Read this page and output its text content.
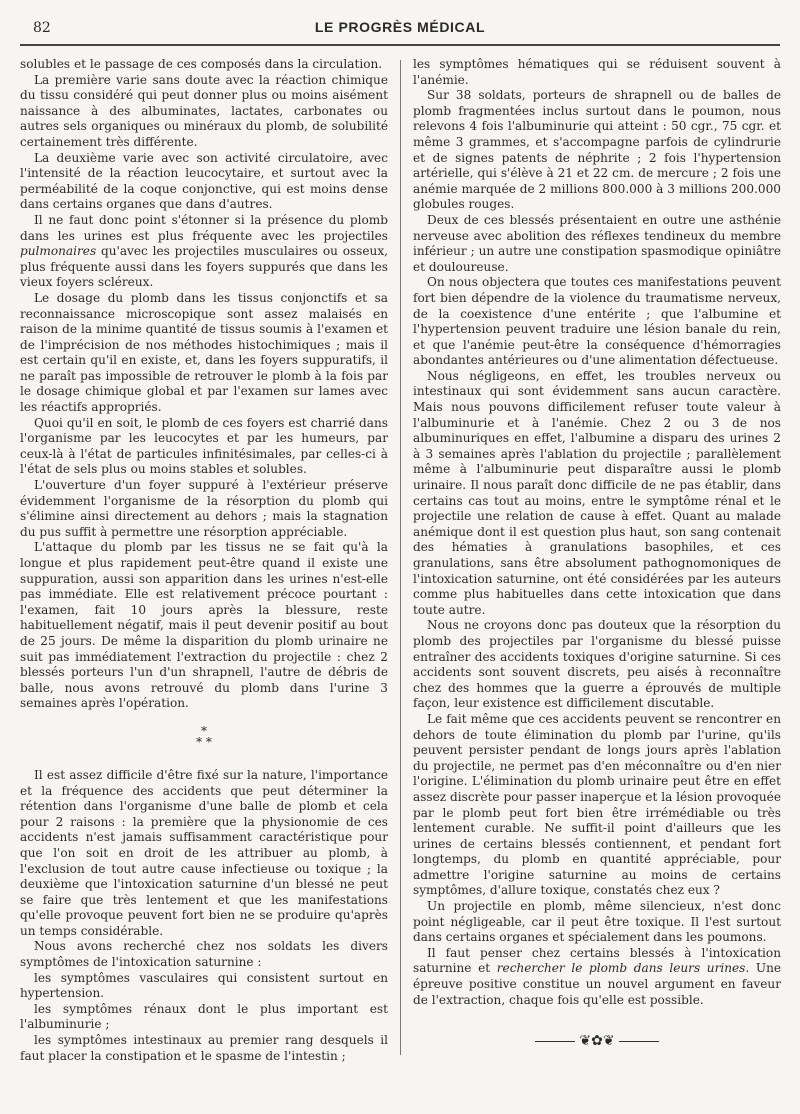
82	LE PROGRÈS MÉDICAL

solubles et le passage de ces composés dans la circulation.

La première varie sans doute avec la réaction chimique du tissu considéré qui peut donner plus ou moins aisément naissance à des albuminates, lactates, carbonates ou autres sels organiques ou minéraux du plomb, de solubilité certainement très différente.

La deuxième varie avec son activité circulatoire, avec l'intensité de la réaction leucocytaire, et surtout avec la perméabilité de la coque conjonctive, qui est moins dense dans certains organes que dans d'autres.

Il ne faut donc point s'étonner si la présence du plomb dans les urines est plus fréquente avec les projectiles pulmonaires qu'avec les projectiles musculaires ou osseux, plus fréquente aussi dans les foyers suppurés que dans les vieux foyers scléreux.

Le dosage du plomb dans les tissus conjonctifs et sa reconnaissance microscopique sont assez malaisés en raison de la minime quantité de tissus soumis à l'examen et de l'imprécision de nos méthodes histochimiques ; mais il est certain qu'il en existe, et, dans les foyers suppuratifs, il ne paraît pas impossible de retrouver le plomb à la fois par le dosage chimique global et par l'examen sur lames avec les réactifs appropriés.

Quoi qu'il en soit, le plomb de ces foyers est charrié dans l'organisme par les leucocytes et par les humeurs, par ceux-là à l'état de particules infinitésimales, par celles-ci à l'état de sels plus ou moins stables et solubles.

L'ouverture d'un foyer suppuré à l'extérieur préserve évidemment l'organisme de la résorption du plomb qui s'élimine ainsi directement au dehors ; mais la stagnation du pus suffit à permettre une résorption appréciable.

L'attaque du plomb par les tissus ne se fait qu'à la longue et plus rapidement peut-être quand il existe une suppuration, aussi son apparition dans les urines n'est-elle pas immédiate. Elle est relativement précoce pourtant : l'examen, fait 10 jours après la blessure, reste habituellement négatif, mais il peut devenir positif au bout de 25 jours. De même la disparition du plomb urinaire ne suit pas immédiatement l'extraction du projectile : chez 2 blessés porteurs l'un d'un shrapnell, l'autre de débris de balle, nous avons retrouvé du plomb dans l'urine 3 semaines après l'opération.

*
* *

Il est assez difficile d'être fixé sur la nature, l'importance et la fréquence des accidents que peut déterminer la rétention dans l'organisme d'une balle de plomb et cela pour 2 raisons : la première que la physionomie de ces accidents n'est jamais suffisamment caractéristique pour que l'on soit en droit de les attribuer au plomb, à l'exclusion de tout autre cause infectieuse ou toxique ; la deuxième que l'intoxication saturnine d'un blessé ne peut se faire que très lentement et que les manifestations qu'elle provoque peuvent fort bien ne se produire qu'après un temps considérable.

Nous avons recherché chez nos soldats les divers symptômes de l'intoxication saturnine :

les symptômes vasculaires qui consistent surtout en hypertension.

les symptômes rénaux dont le plus important est l'albuminurie ;

les symptômes intestinaux au premier rang desquels il faut placer la constipation et le spasme de l'intestin ;

les symptômes hématiques qui se réduisent souvent à l'anémie.

Sur 38 soldats, porteurs de shrapnell ou de balles de plomb fragmentées inclus surtout dans le poumon, nous relevons 4 fois l'albuminurie qui atteint : 50 cgr., 75 cgr. et même 3 grammes, et s'accompagne parfois de cylindrurie et de signes patents de néphrite ; 2 fois l'hypertension artérielle, qui s'élève à 21 et 22 cm. de mercure ; 2 fois une anémie marquée de 2 millions 800.000 à 3 millions 200.000 globules rouges.

Deux de ces blessés présentaient en outre une asthénie nerveuse avec abolition des réflexes tendineux du membre inférieur ; un autre une constipation spasmodique opiniâtre et douloureuse.

On nous objectera que toutes ces manifestations peuvent fort bien dépendre de la violence du traumatisme nerveux, de la coexistence d'une entérite ; que l'albumine et l'hypertension peuvent traduire une lésion banale du rein, et que l'anémie peut-être la conséquence d'hémorragies abondantes antérieures ou d'une alimentation défectueuse.

Nous négligeons, en effet, les troubles nerveux ou intestinaux qui sont évidemment sans aucun caractère. Mais nous pouvons difficilement refuser toute valeur à l'albuminurie et à l'anémie. Chez 2 ou 3 de nos albuminuriques en effet, l'albumine a disparu des urines 2 à 3 semaines après l'ablation du projectile ; parallèlement même à l'albuminurie peut disparaître aussi le plomb urinaire. Il nous paraît donc difficile de ne pas établir, dans certains cas tout au moins, entre le symptôme rénal et le projectile une relation de cause à effet. Quant au malade anémique dont il est question plus haut, son sang contenait des hématies à granulations basophiles, et ces granulations, sans être absolument pathognomoniques de l'intoxication saturnine, ont été considérées par les auteurs comme plus habituelles dans cette intoxication que dans toute autre.

Nous ne croyons donc pas douteux que la résorption du plomb des projectiles par l'organisme du blessé puisse entraîner des accidents toxiques d'origine saturnine. Si ces accidents sont souvent discrets, peu aisés à reconnaître chez des hommes que la guerre a éprouvés de multiple façon, leur existence est difficilement discutable.

Le fait même que ces accidents peuvent se rencontrer en dehors de toute élimination du plomb par l'urine, qu'ils peuvent persister pendant de longs jours après l'ablation du projectile, ne permet pas d'en méconnaître ou d'en nier l'origine. L'élimination du plomb urinaire peut être en effet assez discrète pour passer inaperçue et la lésion provoquée par le plomb peut fort bien être irrémédiable ou très lentement curable. Ne suffit-il point d'ailleurs que les urines de certains blessés contiennent, et pendant fort longtemps, du plomb en quantité appréciable, pour admettre l'origine saturnine au moins de certains symptômes, d'allure toxique, constatés chez eux ?

Un projectile en plomb, même silencieux, n'est donc point négligeable, car il peut être toxique. Il l'est surtout dans certains organes et spécialement dans les poumons.

Il faut penser chez certains blessés à l'intoxication saturnine et rechercher le plomb dans leurs urines. Une épreuve positive constitue un nouvel argument en faveur de l'extraction, chaque fois qu'elle est possible.

❦✿❦
